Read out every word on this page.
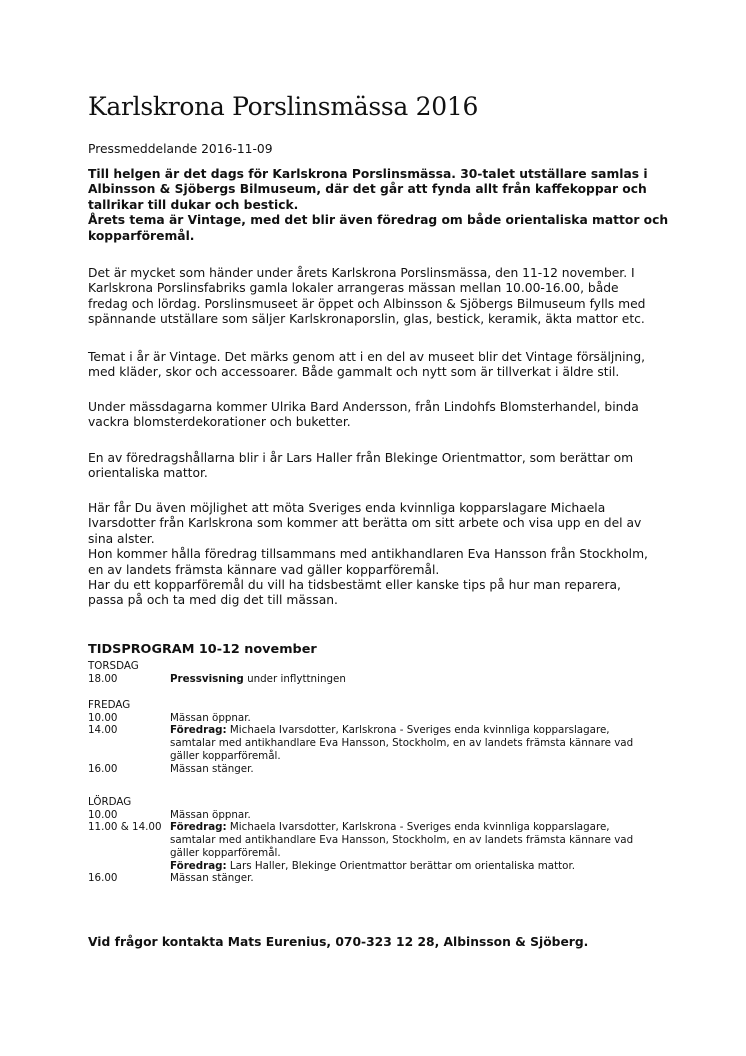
Karlskrona Porslinsmässa 2016
Pressmeddelande 2016-11-09
Till helgen är det dags för Karlskrona Porslinsmässa. 30-talet utställare samlas i
Albinsson & Sjöbergs Bilmuseum, där det går att fynda allt från kaffekoppar och
tallrikar till dukar och bestick.
Årets tema är Vintage, med det blir även föredrag om både orientaliska mattor och
kopparföremål.
Det är mycket som händer under årets Karlskrona Porslinsmässa, den 11-12 november. I
Karlskrona Porslinsfabriks gamla lokaler arrangeras mässan mellan 10.00-16.00, både
fredag och lördag. Porslinsmuseet är öppet och Albinsson & Sjöbergs Bilmuseum fylls med
spännande utställare som säljer Karlskronaporslin, glas, bestick, keramik, äkta mattor etc.
Temat i år är Vintage. Det märks genom att i en del av museet blir det Vintage försäljning,
med kläder, skor och accessoarer. Både gammalt och nytt som är tillverkat i äldre stil.
Under mässdagarna kommer Ulrika Bard Andersson, från Lindohfs Blomsterhandel, binda
vackra blomsterdekorationer och buketter.
En av föredragshållarna blir i år Lars Haller från Blekinge Orientmattor, som berättar om
orientaliska mattor.
Här får Du även möjlighet att möta Sveriges enda kvinnliga kopparslagare Michaela
Ivarsdotter från Karlskrona som kommer att berätta om sitt arbete och visa upp en del av
sina alster.
Hon kommer hålla föredrag tillsammans med antikhandlaren Eva Hansson från Stockholm,
en av landets främsta kännare vad gäller kopparföremål.
Har du ett kopparföremål du vill ha tidsbestämt eller kanske tips på hur man reparera,
passa på och ta med dig det till mässan.
TIDSPROGRAM 10-12 november
TORSDAG
18.00	Pressvisning under inflyttningen
FREDAG
10.00	Mässan öppnar.
14.00	Föredrag: Michaela Ivarsdotter, Karlskrona - Sveriges enda kvinnliga kopparslagare,
samtalar med antikhandlare Eva Hansson, Stockholm, en av landets främsta kännare vad
gäller kopparföremål.
16.00	Mässan stänger.
LÖRDAG
10.00	Mässan öppnar.
11.00 & 14.00 Föredrag: Michaela Ivarsdotter, Karlskrona - Sveriges enda kvinnliga kopparslagare,
samtalar med antikhandlare Eva Hansson, Stockholm, en av landets främsta kännare vad
gäller kopparföremål.
Föredrag: Lars Haller, Blekinge Orientmattor berättar om orientaliska mattor.
16.00	Mässan stänger.

Vid frågor kontakta Mats Eurenius, 070-323 12 28, Albinsson & Sjöberg.
